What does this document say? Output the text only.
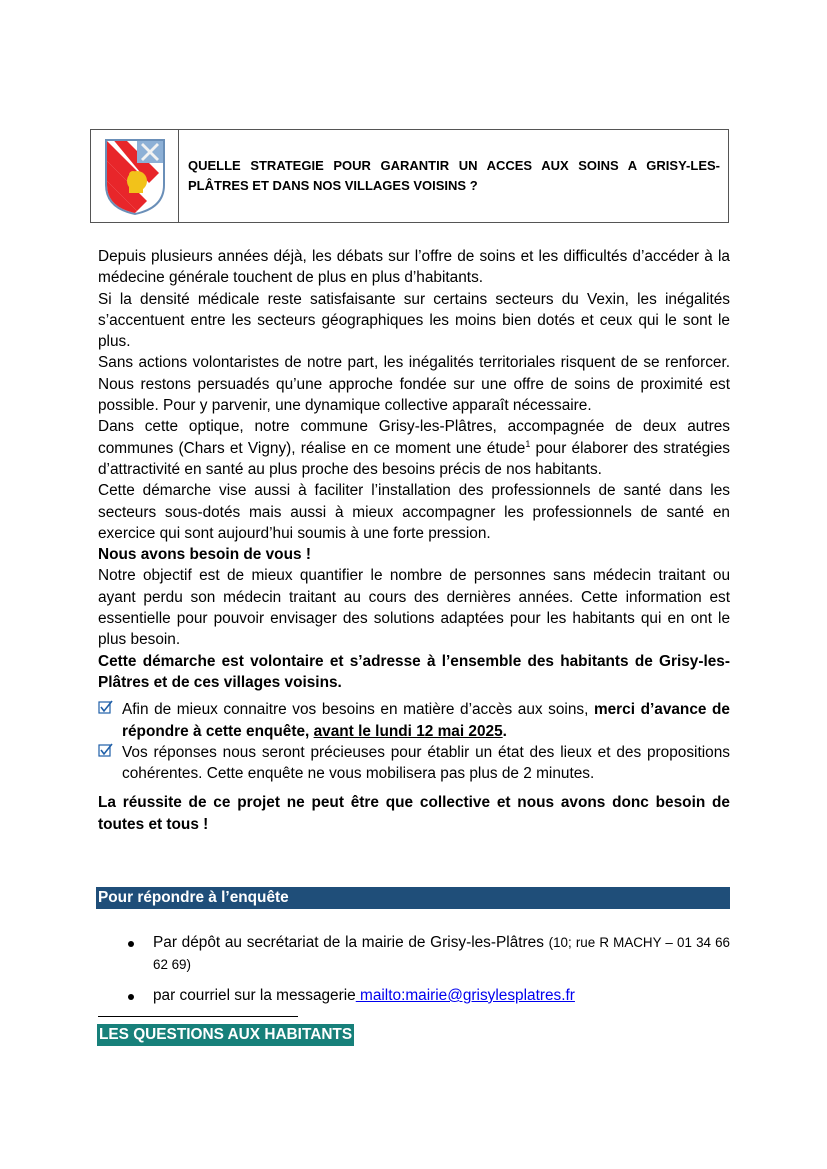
QUELLE STRATEGIE POUR GARANTIR UN ACCES AUX SOINS A GRISY-LES-PLÂTRES ET DANS NOS VILLAGES VOISINS ?

Depuis plusieurs années déjà, les débats sur l’offre de soins et les difficultés d’accéder à la médecine générale touchent de plus en plus d’habitants.

Si la densité médicale reste satisfaisante sur certains secteurs du Vexin, les inégalités s’accentuent entre les secteurs géographiques les moins bien dotés et ceux qui le sont le plus.

Sans actions volontaristes de notre part, les inégalités territoriales risquent de se renforcer. Nous restons persuadés qu’une approche fondée sur une offre de soins de proximité est possible. Pour y parvenir, une dynamique collective apparaît nécessaire.

Dans cette optique, notre commune Grisy-les-Plâtres, accompagnée de deux autres communes (Chars et Vigny), réalise en ce moment une étude$^1$ pour élaborer des stratégies d’attractivité en santé au plus proche des besoins précis de nos habitants.

Cette démarche vise aussi à faciliter l’installation des professionnels de santé dans les secteurs sous-dotés mais aussi à mieux accompagner les professionnels de santé en exercice qui sont aujourd’hui soumis à une forte pression.

Nous avons besoin de vous !

Notre objectif est de mieux quantifier le nombre de personnes sans médecin traitant ou ayant perdu son médecin traitant au cours des dernières années. Cette information est essentielle pour pouvoir envisager des solutions adaptées pour les habitants qui en ont le plus besoin.

Cette démarche est volontaire et s’adresse à l’ensemble des habitants de Grisy-les-Plâtres et de ces villages voisins.

Afin de mieux connaitre vos besoins en matière d’accès aux soins, merci d’avance de répondre à cette enquête, avant le lundi 12 mai 2025.
Vos réponses nous seront précieuses pour établir un état des lieux et des propositions cohérentes. Cette enquête ne vous mobilisera pas plus de 2 minutes.

La réussite de ce projet ne peut être que collective et nous avons donc besoin de toutes et tous !

Pour répondre à l’enquête
Par dépôt au secrétariat de la mairie de Grisy-les-Plâtres (10; rue R MACHY – 01 34 66 62 69)
par courriel sur la messagerie mailto:mairie@grisylesplatres.fr
LES QUESTIONS AUX HABITANTS
